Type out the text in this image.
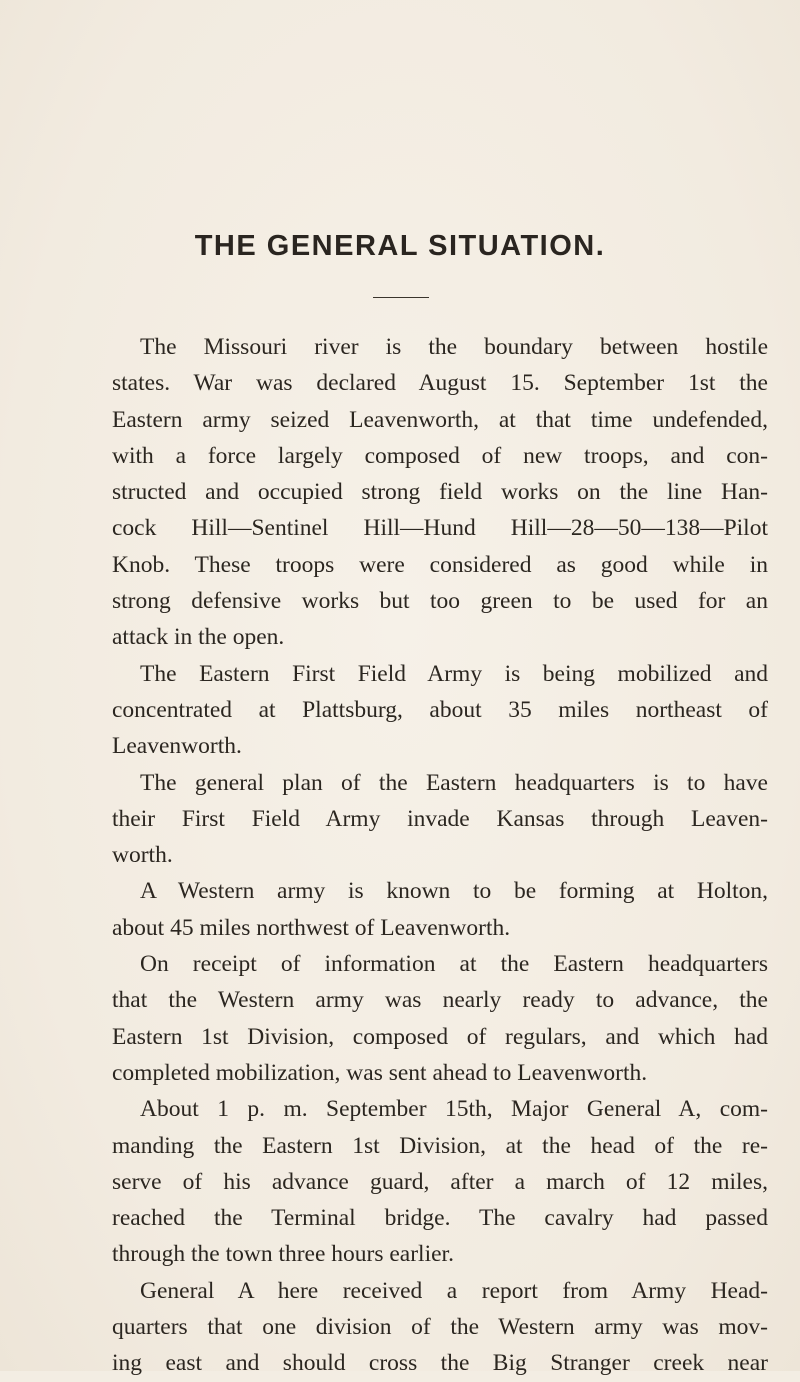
THE GENERAL SITUATION.
The Missouri river is the boundary between hostile
states. War was declared August 15. September 1st the
Eastern army seized Leavenworth, at that time undefended,
with a force largely composed of new troops, and con-
structed and occupied strong field works on the line Han-
cock Hill—Sentinel Hill—Hund Hill—28—50—138—Pilot
Knob. These troops were considered as good while in
strong defensive works but too green to be used for an
attack in the open.
The Eastern First Field Army is being mobilized and
concentrated at Plattsburg, about 35 miles northeast of
Leavenworth.
The general plan of the Eastern headquarters is to have
their First Field Army invade Kansas through Leaven-
worth.
A Western army is known to be forming at Holton,
about 45 miles northwest of Leavenworth.
On receipt of information at the Eastern headquarters
that the Western army was nearly ready to advance, the
Eastern 1st Division, composed of regulars, and which had
completed mobilization, was sent ahead to Leavenworth.
About 1 p. m. September 15th, Major General A, com-
manding the Eastern 1st Division, at the head of the re-
serve of his advance guard, after a march of 12 miles,
reached the Terminal bridge. The cavalry had passed
through the town three hours earlier.
General A here received a report from Army Head-
quarters that one division of the Western army was mov-
ing east and should cross the Big Stranger creek near
